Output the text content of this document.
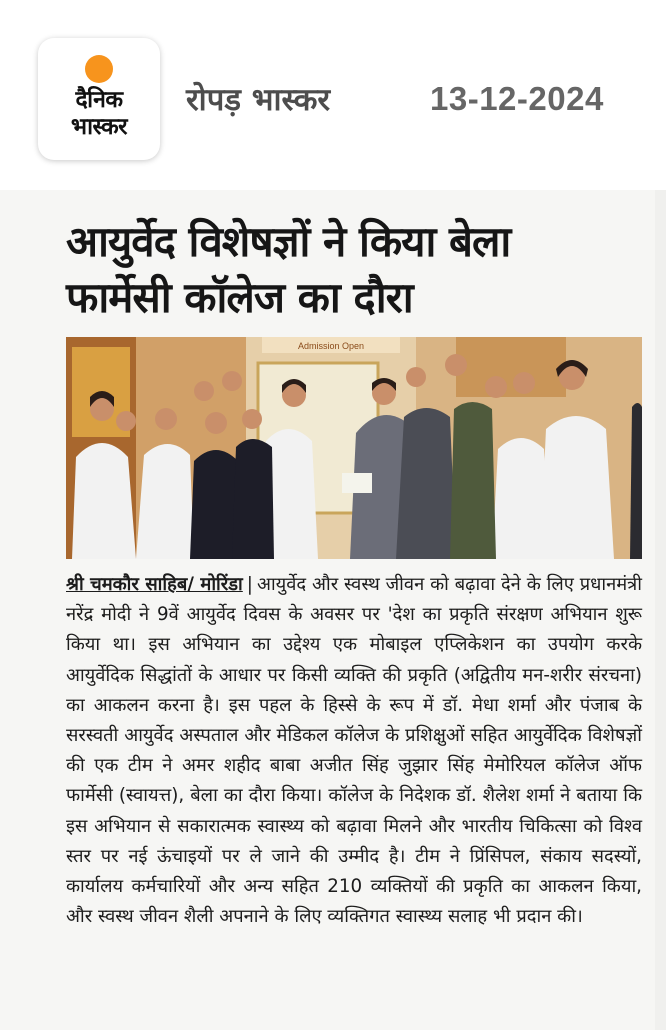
दैनिक
भास्कर
रोपड़ भास्कर	13-12-2024
आयुर्वेद विशेषज्ञों ने किया बेला फार्मेसी कॉलेज का दौरा
Admission Open
श्री चमकौर साहिब/ मोरिंडा | आयुर्वेद और स्वस्थ जीवन को बढ़ावा देने के लिए प्रधानमंत्री नरेंद्र मोदी ने 9वें आयुर्वेद दिवस के अवसर पर 'देश का प्रकृति संरक्षण अभियान शुरू किया था। इस अभियान का उद्देश्य एक मोबाइल एप्लिकेशन का उपयोग करके आयुर्वेदिक सिद्धांतों के आधार पर किसी व्यक्ति की प्रकृति (अद्वितीय मन-शरीर संरचना) का आकलन करना है। इस पहल के हिस्से के रूप में डॉ. मेधा शर्मा और पंजाब के सरस्वती आयुर्वेद अस्पताल और मेडिकल कॉलेज के प्रशिक्षुओं सहित आयुर्वेदिक विशेषज्ञों की एक टीम ने अमर शहीद बाबा अजीत सिंह जुझार सिंह मेमोरियल कॉलेज ऑफ फार्मेसी (स्वायत्त), बेला का दौरा किया। कॉलेज के निदेशक डॉ. शैलेश शर्मा ने बताया कि इस अभियान से सकारात्मक स्वास्थ्य को बढ़ावा मिलने और भारतीय चिकित्सा को विश्व स्तर पर नई ऊंचाइयों पर ले जाने की उम्मीद है। टीम ने प्रिंसिपल, संकाय सदस्यों, कार्यालय कर्मचारियों और अन्य सहित 210 व्यक्तियों की प्रकृति का आकलन किया, और स्वस्थ जीवन शैली अपनाने के लिए व्यक्तिगत स्वास्थ्य सलाह भी प्रदान की।
